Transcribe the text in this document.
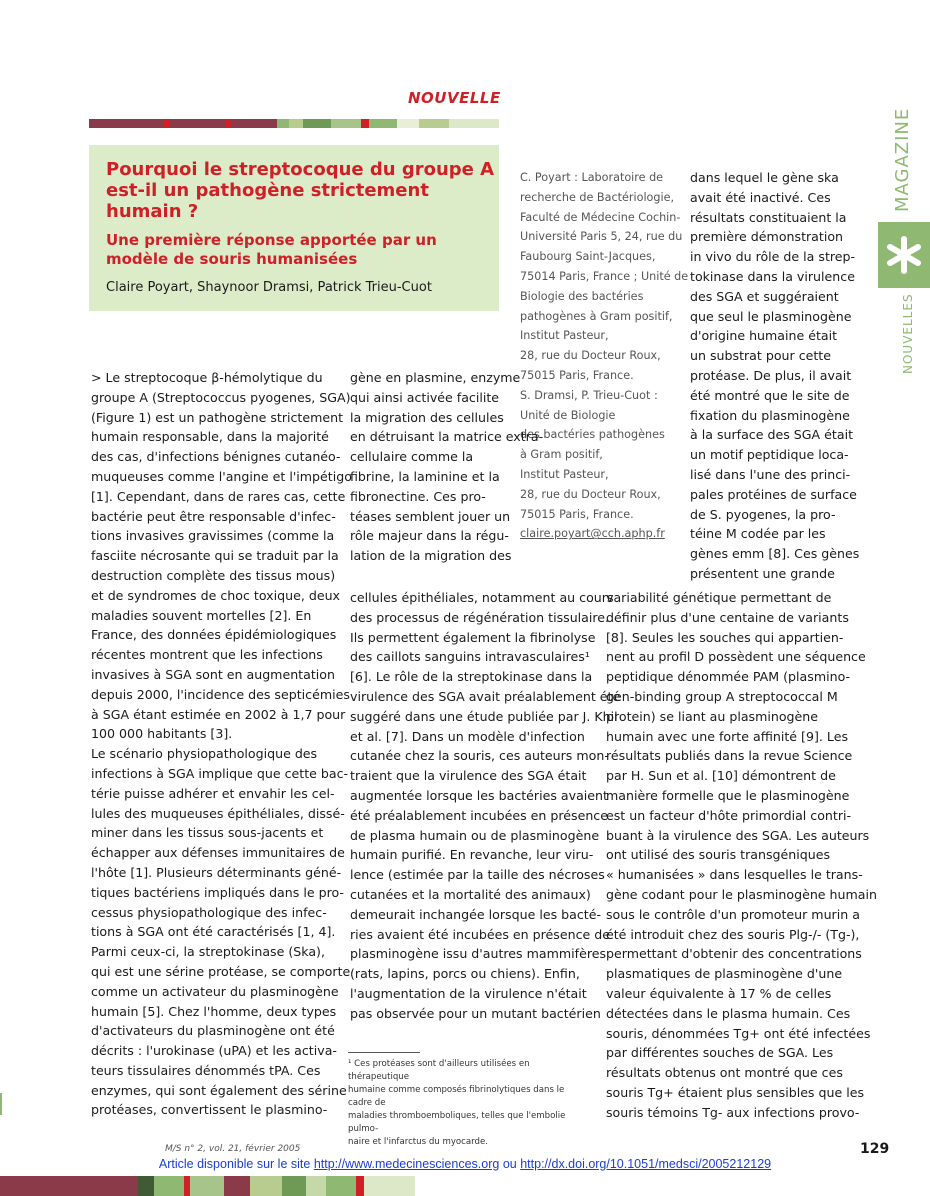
NOUVELLE
Pourquoi le streptocoque du groupe A est-il un pathogène strictement humain ?
Une première réponse apportée par un modèle de souris humanisées
Claire Poyart, Shaynoor Dramsi, Patrick Trieu-Cuot
C. Poyart : Laboratoire de
recherche de Bactériologie,
Faculté de Médecine Cochin-
Université Paris 5, 24, rue du
Faubourg Saint-Jacques,
75014 Paris, France ; Unité de
Biologie des bactéries
pathogènes à Gram positif,
Institut Pasteur,
28, rue du Docteur Roux,
75015 Paris, France.
S. Dramsi, P. Trieu-Cuot :
Unité de Biologie
des bactéries pathogènes
à Gram positif,
Institut Pasteur,
28, rue du Docteur Roux,
75015 Paris, France.
claire.poyart@cch.aphp.fr
> Le streptocoque β-hémolytique du
groupe A (Streptococcus pyogenes, SGA)
(Figure 1) est un pathogène strictement
humain responsable, dans la majorité
des cas, d'infections bénignes cutanéo-
muqueuses comme l'angine et l'impétigo
[1]. Cependant, dans de rares cas, cette
bactérie peut être responsable d'infec-
tions invasives gravissimes (comme la
fasciite nécrosante qui se traduit par la
destruction complète des tissus mous)
et de syndromes de choc toxique, deux
maladies souvent mortelles [2]. En
France, des données épidémiologiques
récentes montrent que les infections
invasives à SGA sont en augmentation
depuis 2000, l'incidence des septicémies
à SGA étant estimée en 2002 à 1,7 pour
100 000 habitants [3].
Le scénario physiopathologique des
infections à SGA implique que cette bac-
térie puisse adhérer et envahir les cel-
lules des muqueuses épithéliales, dissé-
miner dans les tissus sous-jacents et
échapper aux défenses immunitaires de
l'hôte [1]. Plusieurs déterminants géné-
tiques bactériens impliqués dans le pro-
cessus physiopathologique des infec-
tions à SGA ont été caractérisés [1, 4].
Parmi ceux-ci, la streptokinase (Ska),
qui est une sérine protéase, se comporte
comme un activateur du plasminogène
humain [5]. Chez l'homme, deux types
d'activateurs du plasminogène ont été
décrits : l'urokinase (uPA) et les activa-
teurs tissulaires dénommés tPA. Ces
enzymes, qui sont également des sérine
protéases, convertissent le plasmino-
gène en plasmine, enzyme
qui ainsi activée facilite
la migration des cellules
en détruisant la matrice extra-
cellulaire comme la
fibrine, la laminine et la
fibronectine. Ces pro-
téases semblent jouer un
rôle majeur dans la régu-
lation de la migration des
cellules épithéliales, notamment au cours
des processus de régénération tissulaire.
Ils permettent également la fibrinolyse
des caillots sanguins intravasculaires¹
[6]. Le rôle de la streptokinase dans la
virulence des SGA avait préalablement été
suggéré dans une étude publiée par J. Khil
et al. [7]. Dans un modèle d'infection
cutanée chez la souris, ces auteurs mon-
traient que la virulence des SGA était
augmentée lorsque les bactéries avaient
été préalablement incubées en présence
de plasma humain ou de plasminogène
humain purifié. En revanche, leur viru-
lence (estimée par la taille des nécroses
cutanées et la mortalité des animaux)
demeurait inchangée lorsque les bacté-
ries avaient été incubées en présence de
plasminogène issu d'autres mammifères
(rats, lapins, porcs ou chiens). Enfin,
l'augmentation de la virulence n'était
pas observée pour un mutant bactérien
dans lequel le gène ska
avait été inactivé. Ces
résultats constituaient la
première démonstration
in vivo du rôle de la strep-
tokinase dans la virulence
des SGA et suggéraient
que seul le plasminogène
d'origine humaine était
un substrat pour cette
protéase. De plus, il avait
été montré que le site de
fixation du plasminogène
à la surface des SGA était
un motif peptidique loca-
lisé dans l'une des princi-
pales protéines de surface
de S. pyogenes, la pro-
téine M codée par les
gènes emm [8]. Ces gènes
présentent une grande
variabilité génétique permettant de
définir plus d'une centaine de variants
[8]. Seules les souches qui appartien-
nent au profil D possèdent une séquence
peptidique dénommée PAM (plasmino-
gen-binding group A streptococcal M
protein) se liant au plasminogène
humain avec une forte affinité [9]. Les
résultats publiés dans la revue Science
par H. Sun et al. [10] démontrent de
manière formelle que le plasminogène
est un facteur d'hôte primordial contri-
buant à la virulence des SGA. Les auteurs
ont utilisé des souris transgéniques
« humanisées » dans lesquelles le trans-
gène codant pour le plasminogène humain
sous le contrôle d'un promoteur murin a
été introduit chez des souris Plg-/- (Tg-),
permettant d'obtenir des concentrations
plasmatiques de plasminogène d'une
valeur équivalente à 17 % de celles
détectées dans le plasma humain. Ces
souris, dénommées Tg+ ont été infectées
par différentes souches de SGA. Les
résultats obtenus ont montré que ces
souris Tg+ étaient plus sensibles que les
souris témoins Tg- aux infections provo-
¹ Ces protéases sont d'ailleurs utilisées en thérapeutique
humaine comme composés fibrinolytiques dans le cadre de
maladies thromboemboliques, telles que l'embolie pulmo-
naire et l'infarctus du myocarde.
MAGAZINE
NOUVELLES
M/S n° 2, vol. 21, février 2005	129
Article disponible sur le site http://www.medecinesciences.org ou http://dx.doi.org/10.1051/medsci/2005212129
